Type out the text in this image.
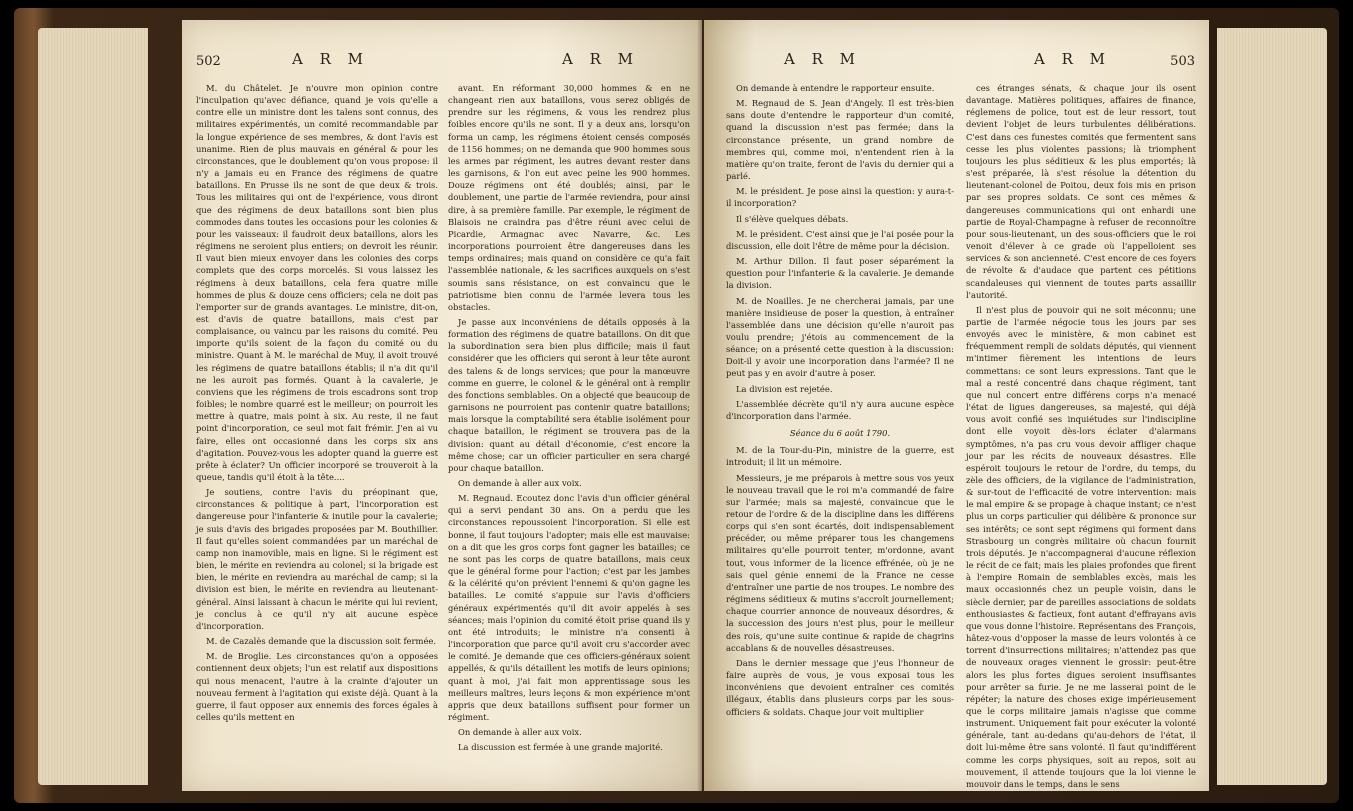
502	A R M	A R M

M. du Châtelet. Je n'ouvre mon opinion contre l'inculpation qu'avec défiance, quand je vois qu'elle a contre elle un ministre dont les talens sont connus, des militaires expérimentés, un comité recommandable par la longue expérience de ses membres, & dont l'avis est unanime. Rien de plus mauvais en général & pour les circonstances, que le doublement qu'on vous propose: il n'y a jamais eu en France des régimens de quatre bataillons. En Prusse ils ne sont de que deux & trois. Tous les militaires qui ont de l'expérience, vous diront que des régimens de deux bataillons sont bien plus commodes dans toutes les occasions pour les colonies & pour les vaisseaux: il faudroit deux bataillons, alors les régimens ne seroient plus entiers; on devroit les réunir. Il vaut bien mieux envoyer dans les colonies des corps complets que des corps morcelés. Si vous laissez les régimens à deux bataillons, cela fera quatre mille hommes de plus & douze cens officiers; cela ne doit pas l'emporter sur de grands avantages. Le ministre, dit-on, est d'avis de quatre bataillons, mais c'est par complaisance, ou vaincu par les raisons du comité. Peu importe qu'ils soient de la façon du comité ou du ministre. Quant à M. le maréchal de Muy, il avoit trouvé les régimens de quatre bataillons établis; il n'a dit qu'il ne les auroit pas formés. Quant à la cavalerie, je conviens que les régimens de trois escadrons sont trop foibles; le nombre quarré est le meilleur; on pourroit les mettre à quatre, mais point à six. Au reste, il ne faut point d'incorporation, ce seul mot fait frémir. J'en ai vu faire, elles ont occasionné dans les corps six ans d'agitation. Pouvez-vous les adopter quand la guerre est prête à éclater? Un officier incorporé se trouveroit à la queue, tandis qu'il étoit à la tête....

Je soutiens, contre l'avis du préopinant que, circonstances & politique à part, l'incorporation est dangereuse pour l'infanterie & inutile pour la cavalerie; je suis d'avis des brigades proposées par M. Bouthillier. Il faut qu'elles soient commandées par un maréchal de camp non inamovible, mais en ligne. Si le régiment est bien, le mérite en reviendra au colonel; si la brigade est bien, le mérite en reviendra au maréchal de camp; si la division est bien, le mérite en reviendra au lieutenant-général. Ainsi laissant à chacun le mérite qui lui revient, je conclus à ce qu'il n'y ait aucune espèce d'incorporation.

M. de Cazalès demande que la discussion soit fermée.

M. de Broglie. Les circonstances qu'on a opposées contiennent deux objets; l'un est relatif aux dispositions qui nous menacent, l'autre à la crainte d'ajouter un nouveau ferment à l'agitation qui existe déjà. Quant à la guerre, il faut opposer aux ennemis des forces égales à celles qu'ils mettent en

avant. En réformant 30,000 hommes & en ne changeant rien aux bataillons, vous serez obligés de prendre sur les régimens, & vous les rendrez plus foibles encore qu'ils ne sont. Il y a deux ans, lorsqu'on forma un camp, les régimens étoient censés composés de 1156 hommes; on ne demanda que 900 hommes sous les armes par régiment, les autres devant rester dans les garnisons, & l'on eut avec peine les 900 hommes. Douze régimens ont été doublés; ainsi, par le doublement, une partie de l'armée reviendra, pour ainsi dire, à sa première famille. Par exemple, le régiment de Blaisois ne craindra pas d'être réuni avec celui de Picardie, Armagnac avec Navarre, &c. Les incorporations pourroient être dangereuses dans les temps ordinaires; mais quand on considère ce qu'a fait l'assemblée nationale, & les sacrifices auxquels on s'est soumis sans résistance, on est convaincu que le patriotisme bien connu de l'armée levera tous les obstacles.

Je passe aux inconvéniens de détails opposés à la formation des régimens de quatre bataillons. On dit que la subordination sera bien plus difficile; mais il faut considérer que les officiers qui seront à leur tête auront des talens & de longs services; que pour la manœuvre comme en guerre, le colonel & le général ont à remplir des fonctions semblables. On a objecté que beaucoup de garnisons ne pourroient pas contenir quatre bataillons; mais lorsque la comptabilité sera établie isolément pour chaque bataillon, le régiment se trouvera pas de la division: quant au détail d'économie, c'est encore la même chose; car un officier particulier en sera chargé pour chaque bataillon.

On demande à aller aux voix.

M. Regnaud. Ecoutez donc l'avis d'un officier général qui a servi pendant 30 ans. On a perdu que les circonstances repoussoient l'incorporation. Si elle est bonne, il faut toujours l'adopter; mais elle est mauvaise: on a dit que les gros corps font gagner les batailles; ce ne sont pas les corps de quatre bataillons, mais ceux que le général forme pour l'action; c'est par les jambes & la célérité qu'on prévient l'ennemi & qu'on gagne les batailles. Le comité s'appuie sur l'avis d'officiers généraux expérimentés qu'il dit avoir appelés à ses séances; mais l'opinion du comité étoit prise quand ils y ont été introduits; le ministre n'a consenti à l'incorporation que parce qu'il avoit cru s'accorder avec le comité. Je demande que ces officiers-généraux soient appellés, & qu'ils détaillent les motifs de leurs opinions; quant à moi, j'ai fait mon apprentissage sous les meilleurs maîtres, leurs leçons & mon expérience m'ont appris que deux bataillons suffisent pour former un régiment.

On demande à aller aux voix.

La discussion est fermée à une grande majorité.

A R M	A R M	503

On demande à entendre le rapporteur ensuite.

M. Regnaud de S. Jean d'Angely. Il est très-bien sans doute d'entendre le rapporteur d'un comité, quand la discussion n'est pas fermée; dans la circonstance présente, un grand nombre de membres qui, comme moi, n'entendent rien à la matière qu'on traite, feront de l'avis du dernier qui a parlé.

M. le président. Je pose ainsi la question: y aura-t-il incorporation?

Il s'élève quelques débats.

M. le président. C'est ainsi que je l'ai posée pour la discussion, elle doit l'être de même pour la décision.

M. Arthur Dillon. Il faut poser séparément la question pour l'infanterie & la cavalerie. Je demande la division.

M. de Noailles. Je ne chercherai jamais, par une manière insidieuse de poser la question, à entraîner l'assemblée dans une décision qu'elle n'auroit pas voulu prendre; j'étois au commencement de la séance; on a présenté cette question à la discussion: Doit-il y avoir une incorporation dans l'armée? Il ne peut pas y en avoir d'autre à poser.

La division est rejetée.

L'assemblée décrète qu'il n'y aura aucune espèce d'incorporation dans l'armée.

Séance du 6 août 1790.

M. de la Tour-du-Pin, ministre de la guerre, est introduit; il lit un mémoire.

Messieurs, je me préparois à mettre sous vos yeux le nouveau travail que le roi m'a commandé de faire sur l'armée; mais sa majesté, convaincue que le retour de l'ordre & de la discipline dans les différens corps qui s'en sont écartés, doit indispensablement précéder, ou même préparer tous les changemens militaires qu'elle pourroit tenter, m'ordonne, avant tout, vous informer de la licence effrénée, où je ne sais quel génie ennemi de la France ne cesse d'entraîner une partie de nos troupes. Le nombre des régimens séditieux & mutins s'accroît journellement; chaque courrier annonce de nouveaux désordres, & la succession des jours n'est plus, pour le meilleur des rois, qu'une suite continue & rapide de chagrins accablans & de nouvelles désastreuses.

Dans le dernier message que j'eus l'honneur de faire auprès de vous, je vous exposai tous les inconvéniens que devoient entraîner ces comités illégaux, établis dans plusieurs corps par les sous-officiers & soldats. Chaque jour voit multiplier

ces étranges sénats, & chaque jour ils osent davantage. Matières politiques, affaires de finance, réglemens de police, tout est de leur ressort, tout devient l'objet de leurs turbulentes délibérations. C'est dans ces funestes comités que fermentent sans cesse les plus violentes passions; là triomphent toujours les plus séditieux & les plus emportés; là s'est préparée, là s'est résolue la détention du lieutenant-colonel de Poitou, deux fois mis en prison par ses propres soldats. Ce sont ces mêmes & dangereuses communications qui ont enhardi une partie de Royal-Champagne à refuser de reconnoître pour sous-lieutenant, un des sous-officiers que le roi venoit d'élever à ce grade où l'appelloient ses services & son ancienneté. C'est encore de ces foyers de révolte & d'audace que partent ces pétitions scandaleuses qui viennent de toutes parts assaillir l'autorité.

Il n'est plus de pouvoir qui ne soit méconnu; une partie de l'armée négocie tous les jours par ses envoyés avec le ministère, & mon cabinet est fréquemment rempli de soldats députés, qui viennent m'intimer fièrement les intentions de leurs commettans: ce sont leurs expressions. Tant que le mal a resté concentré dans chaque régiment, tant que nul concert entre différens corps n'a menacé l'état de ligues dangereuses, sa majesté, qui déjà vous avoit confié ses inquiétudes sur l'indiscipline dont elle voyoit dès-lors éclater d'alarmans symptômes, n'a pas cru vous devoir affliger chaque jour par les récits de nouveaux désastres. Elle espéroit toujours le retour de l'ordre, du temps, du zèle des officiers, de la vigilance de l'administration, & sur-tout de l'efficacité de votre intervention: mais le mal empire & se propage à chaque instant; ce n'est plus un corps particulier qui délibère & prononce sur ses intérêts; ce sont sept régimens qui forment dans Strasbourg un congrès militaire où chacun fournit trois députés. Je n'accompagnerai d'aucune réflexion le récit de ce fait; mais les plaies profondes que firent à l'empire Romain de semblables excès, mais les maux occasionnés chez un peuple voisin, dans le siècle dernier, par de pareilles associations de soldats enthousiastes & factieux, font autant d'effrayans avis que vous donne l'histoire. Représentans des François, hâtez-vous d'opposer la masse de leurs volontés à ce torrent d'insurrections militaires; n'attendez pas que de nouveaux orages viennent le grossir: peut-être alors les plus fortes digues seroient insuffisantes pour arrêter sa furie. Je ne me lasserai point de le répéter; la nature des choses exige impérieusement que le corps militaire jamais n'agisse que comme instrument. Uniquement fait pour exécuter la volonté générale, tant au-dedans qu'au-dehors de l'état, il doit lui-même être sans volonté. Il faut qu'indifférent comme les corps physiques, soit au repos, soit au mouvement, il attende toujours que la loi vienne le mouvoir dans le temps, dans le sens
